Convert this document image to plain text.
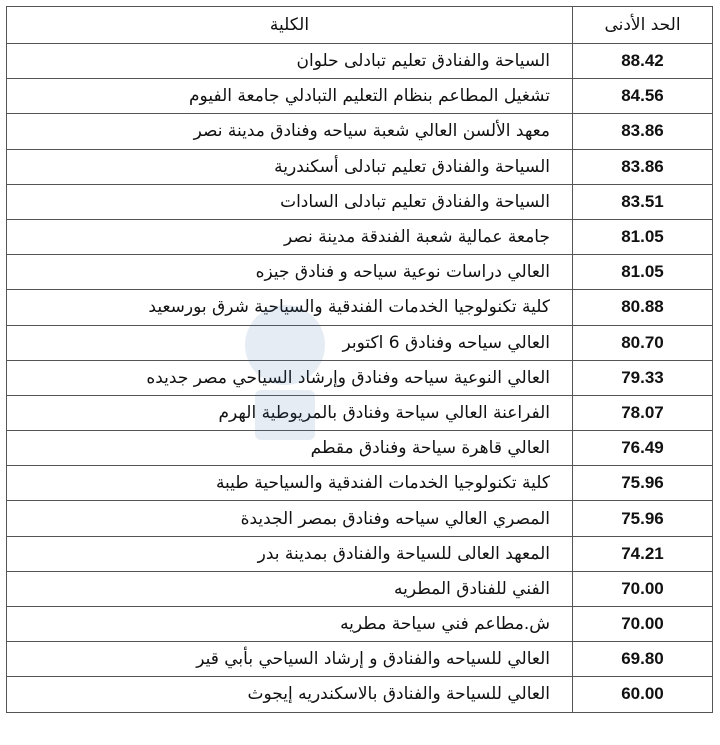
الكلية	الحد الأدنى
السياحة والفنادق تعليم تبادلى حلوان	88.42
تشغيل المطاعم بنظام التعليم التبادلي جامعة الفيوم	84.56
معهد الألسن العالي شعبة سياحه وفنادق مدينة نصر	83.86
السياحة والفنادق تعليم تبادلى أسكندرية	83.86
السياحة والفنادق تعليم تبادلى السادات	83.51
جامعة عمالية شعبة الفندقة مدينة نصر	81.05
العالي دراسات نوعية سياحه و فنادق جيزه	81.05
كلية تكنولوجيا الخدمات الفندقية والسياحية شرق بورسعيد	80.88
العالي سياحه وفنادق 6 اكتوبر	80.70
العالي النوعية سياحه وفنادق وإرشاد السياحي مصر جديده	79.33
الفراعنة العالي سياحة وفنادق بالمريوطية الهرم	78.07
العالي قاهرة سياحة وفنادق مقطم	76.49
كلية تكنولوجيا الخدمات الفندقية والسياحية طيبة	75.96
المصري العالي سياحه وفنادق بمصر الجديدة	75.96
المعهد العالى للسياحة والفنادق بمدينة بدر	74.21
الفني للفنادق المطريه	70.00
ش.مطاعم فني سياحة مطريه	70.00
العالي للسياحه والفنادق و إرشاد السياحي بأبي قير	69.80
العالي للسياحة والفنادق بالاسكندريه إيجوث	60.00
